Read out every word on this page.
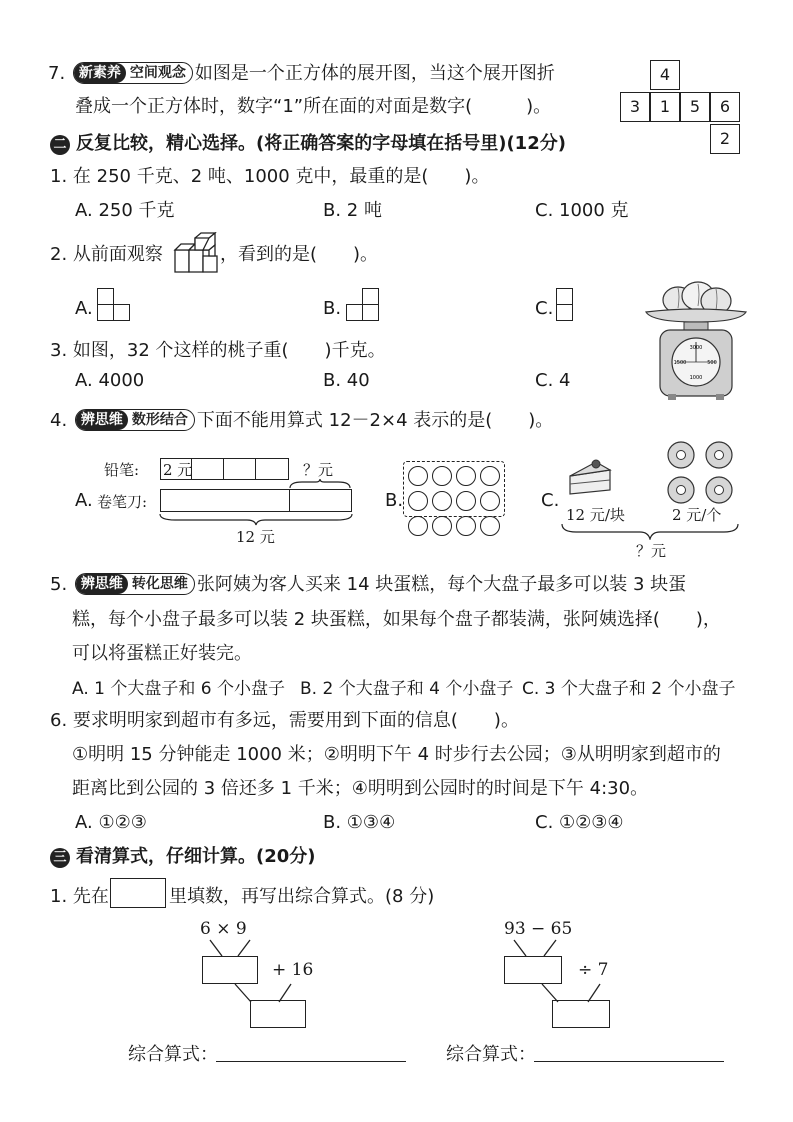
7. 新素养 空间观念 如图是一个正方体的展开图，当这个展开图折
叠成一个正方体时，数字“1”所在面的对面是数字(　　　)。
4
3	1	5	6
2
二 反复比较，精心选择。(将正确答案的字母填在括号里)(12分)
1. 在 250 千克、2 吨、1000 克中，最重的是(　　)。
A. 250 千克	B. 2 吨	C. 1000 克
2. 从前面观察	，看到的是(　　)。
A.	B.	C.
3. 如图，32 个这样的桃子重(　　)千克。
A. 4000	B. 40	C. 4
3000
1500	500
1000
4. 辨思维 数形结合 下面不能用算式 12－2×4 表示的是(　　)。
铅笔: 2 元	？元
A. 卷笔刀:
12 元
B.	C.
12 元/块	2 元/个
？元
5. 辨思维 转化思维 张阿姨为客人买来 14 块蛋糕，每个大盘子最多可以装 3 块蛋
糕，每个小盘子最多可以装 2 块蛋糕，如果每个盘子都装满，张阿姨选择(　　)，
可以将蛋糕正好装完。
A. 1 个大盘子和 6 个小盘子 B. 2 个大盘子和 4 个小盘子 C. 3 个大盘子和 2 个小盘子
6. 要求明明家到超市有多远，需要用到下面的信息(　　)。
①明明 15 分钟能走 1000 米；②明明下午 4 时步行去公园；③从明明家到超市的
距离比到公园的 3 倍还多 1 千米；④明明到公园时的时间是下午 4:30。
A. ①②③	B. ①③④	C. ①②③④
三 看清算式，仔细计算。(20分)
1. 先在	里填数，再写出综合算式。(8 分)
6 × 9
+ 16
综合算式：
93 − 65
÷ 7
综合算式：
